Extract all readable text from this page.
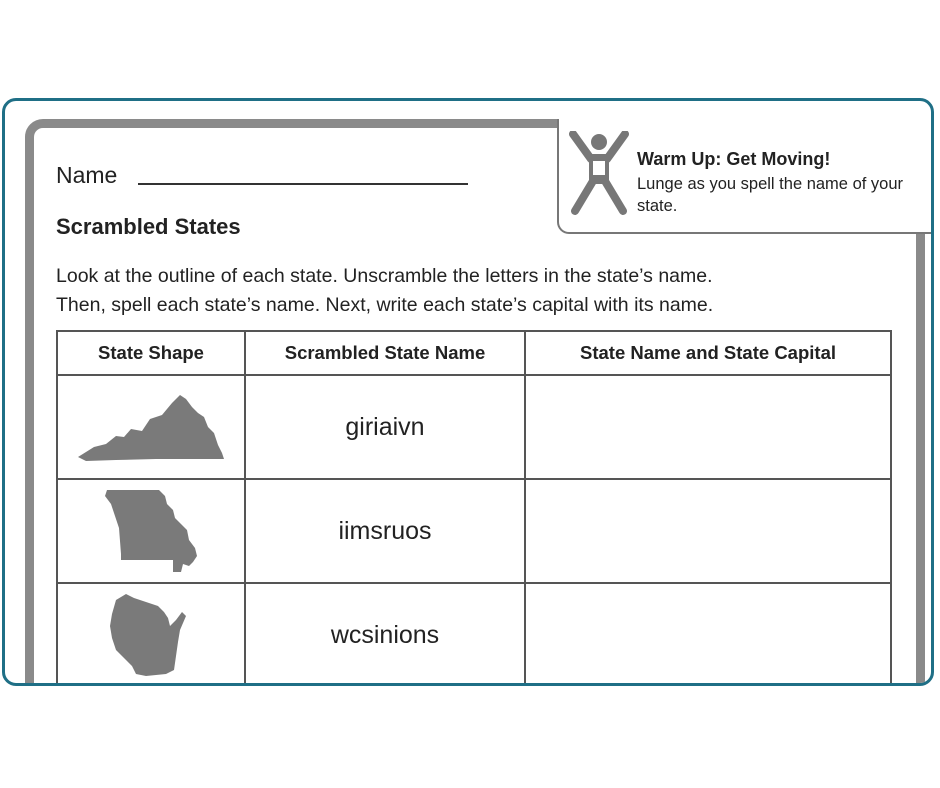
Name
Scrambled States
Warm Up: Get Moving!
Lunge as you spell the name of your state.
Look at the outline of each state. Unscramble the letters in the state’s name.
Then, spell each state’s name. Next, write each state’s capital with its name.
State Shape	Scrambled State Name	State Name and State Capital

	giriaivn	

	iimsruos	

	wcsinions	
